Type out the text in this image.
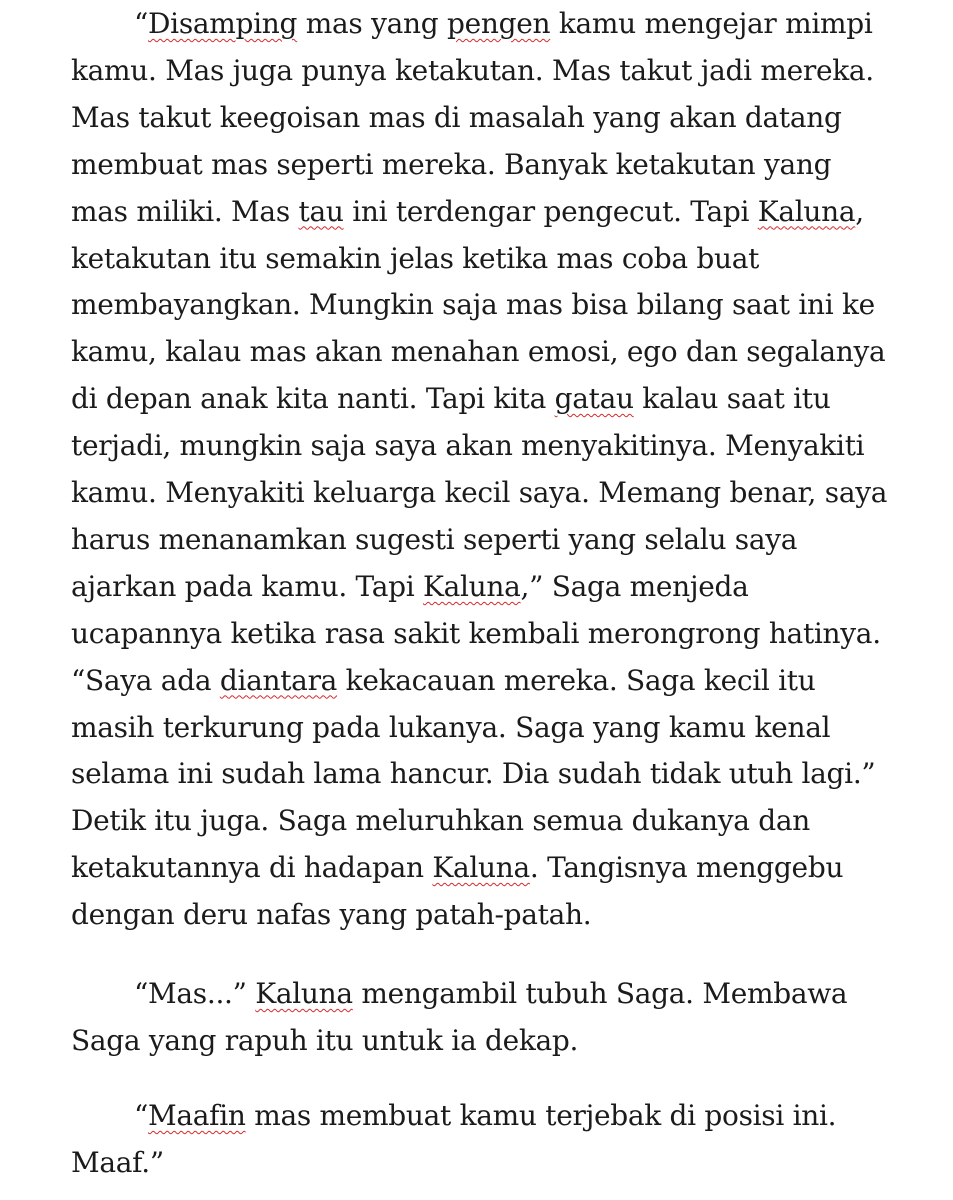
“Disamping mas yang pengen kamu mengejar mimpi
kamu. Mas juga punya ketakutan. Mas takut jadi mereka.
Mas takut keegoisan mas di masalah yang akan datang
membuat mas seperti mereka. Banyak ketakutan yang
mas miliki. Mas tau ini terdengar pengecut. Tapi Kaluna,
ketakutan itu semakin jelas ketika mas coba buat
membayangkan. Mungkin saja mas bisa bilang saat ini ke
kamu, kalau mas akan menahan emosi, ego dan segalanya
di depan anak kita nanti. Tapi kita gatau kalau saat itu
terjadi, mungkin saja saya akan menyakitinya. Menyakiti
kamu. Menyakiti keluarga kecil saya. Memang benar, saya
harus menanamkan sugesti seperti yang selalu saya
ajarkan pada kamu. Tapi Kaluna,” Saga menjeda
ucapannya ketika rasa sakit kembali merongrong hatinya.
“Saya ada diantara kekacauan mereka. Saga kecil itu
masih terkurung pada lukanya. Saga yang kamu kenal
selama ini sudah lama hancur. Dia sudah tidak utuh lagi.”
Detik itu juga. Saga meluruhkan semua dukanya dan
ketakutannya di hadapan Kaluna. Tangisnya menggebu
dengan deru nafas yang patah-patah.
“Mas...” Kaluna mengambil tubuh Saga. Membawa
Saga yang rapuh itu untuk ia dekap.
“Maafin mas membuat kamu terjebak di posisi ini.
Maaf.”
